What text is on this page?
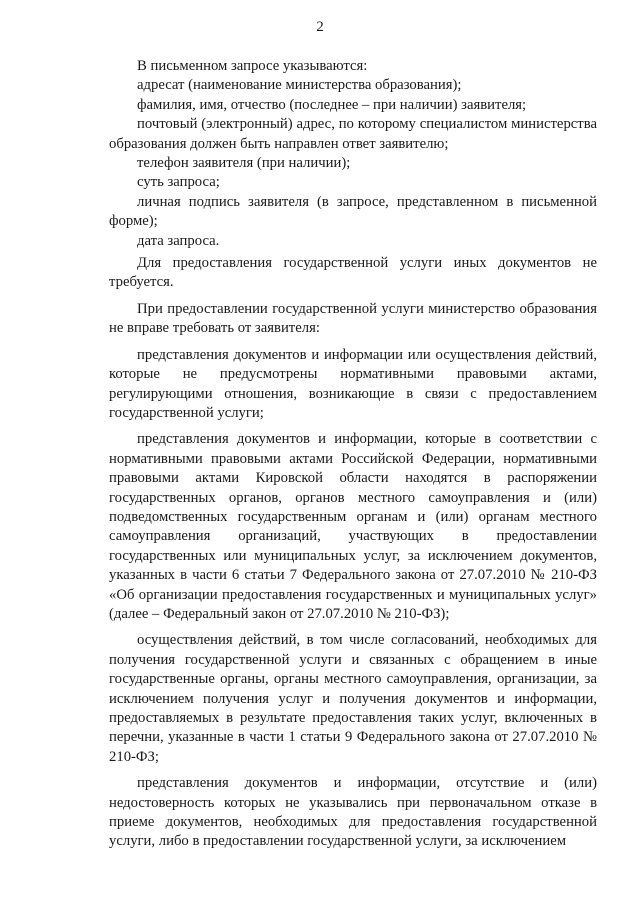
2

В письменном запросе указываются:

адресат (наименование министерства образования);

фамилия, имя, отчество (последнее – при наличии) заявителя;

почтовый (электронный) адрес, по которому специалистом министерства образования должен быть направлен ответ заявителю;

телефон заявителя (при наличии);

суть запроса;

личная подпись заявителя (в запросе, представленном в письменной форме);

дата запроса.

Для предоставления государственной услуги иных документов не требуется.

При предоставлении государственной услуги министерство образования не вправе требовать от заявителя:

представления документов и информации или осуществления действий, которые не предусмотрены нормативными правовыми актами, регулирующими отношения, возникающие в связи с предоставлением государственной услуги;

представления документов и информации, которые в соответствии с нормативными правовыми актами Российской Федерации, нормативными правовыми актами Кировской области находятся в распоряжении государственных органов, органов местного самоуправления и (или) подведомственных государственным органам и (или) органам местного самоуправления организаций, участвующих в предоставлении государственных или муниципальных услуг, за исключением документов, указанных в части 6 статьи 7 Федерального закона от 27.07.2010 № 210-ФЗ «Об организации предоставления государственных и муниципальных услуг» (далее – Федеральный закон от 27.07.2010 № 210-ФЗ);

осуществления действий, в том числе согласований, необходимых для получения государственной услуги и связанных с обращением в иные государственные органы, органы местного самоуправления, организации, за исключением получения услуг и получения документов и информации, предоставляемых в результате предоставления таких услуг, включенных в перечни, указанные в части 1 статьи 9 Федерального закона от 27.07.2010 № 210-ФЗ;

представления документов и информации, отсутствие и (или) недостоверность которых не указывались при первоначальном отказе в приеме документов, необходимых для предоставления государственной услуги, либо в предоставлении государственной услуги, за исключением
